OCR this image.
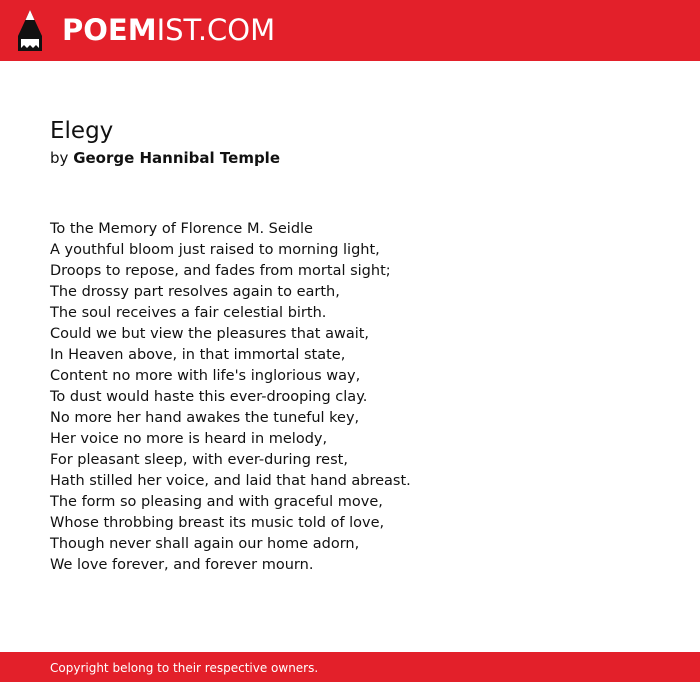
POEMIST.COM
Elegy
by George Hannibal Temple
To the Memory of Florence M. Seidle
A youthful bloom just raised to morning light,
Droops to repose, and fades from mortal sight;
The drossy part resolves again to earth,
The soul receives a fair celestial birth.
Could we but view the pleasures that await,
In Heaven above, in that immortal state,
Content no more with life's inglorious way,
To dust would haste this ever-drooping clay.
No more her hand awakes the tuneful key,
Her voice no more is heard in melody,
For pleasant sleep, with ever-during rest,
Hath stilled her voice, and laid that hand abreast.
The form so pleasing and with graceful move,
Whose throbbing breast its music told of love,
Though never shall again our home adorn,
We love forever, and forever mourn.
Copyright belong to their respective owners.
